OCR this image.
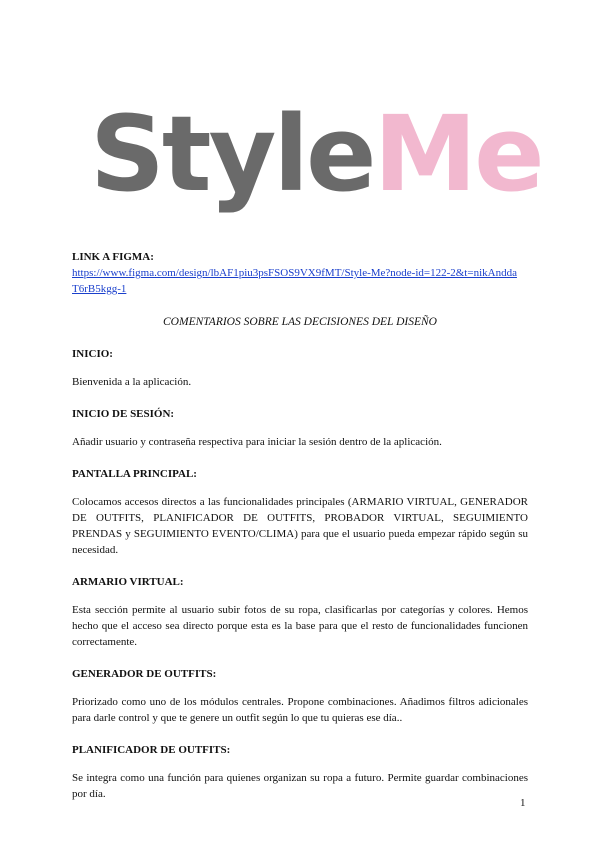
StyleMe

LINK A FIGMA:

https://www.figma.com/design/lbAF1piu3psFSOS9VX9fMT/Style-Me?node-id=122-2&t=nikAndda
T6rB5kgg-1

COMENTARIOS SOBRE LAS DECISIONES DEL DISEÑO

INICIO:

Bienvenida a la aplicación.

INICIO DE SESIÓN:

Añadir usuario y contraseña respectiva para iniciar la sesión dentro de la aplicación.

PANTALLA PRINCIPAL:

Colocamos accesos directos a las funcionalidades principales (ARMARIO VIRTUAL, GENERADOR DE OUTFITS, PLANIFICADOR DE OUTFITS, PROBADOR VIRTUAL, SEGUIMIENTO PRENDAS y SEGUIMIENTO EVENTO/CLIMA) para que el usuario pueda empezar rápido según su necesidad.

ARMARIO VIRTUAL:

Esta sección permite al usuario subir fotos de su ropa, clasificarlas por categorías y colores. Hemos hecho que el acceso sea directo porque esta es la base para que el resto de funcionalidades funcionen correctamente.

GENERADOR DE OUTFITS:

Priorizado como uno de los módulos centrales. Propone combinaciones. Añadimos filtros adicionales para darle control y que te genere un outfit según lo que tu quieras ese día..

PLANIFICADOR DE OUTFITS:

Se integra como una función para quienes organizan su ropa a futuro. Permite guardar combinaciones por día.

1
